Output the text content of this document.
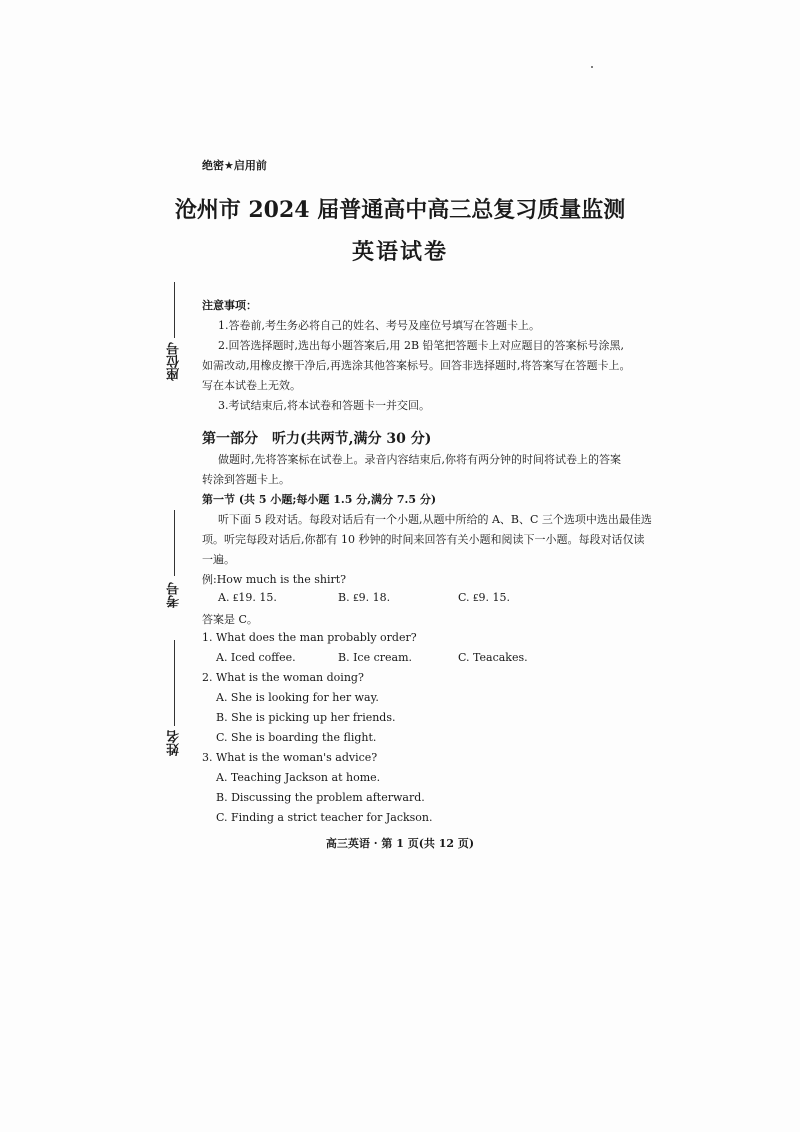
座位号
考号
姓名
绝密★启用前
沧州市 2024 届普通高中高三总复习质量监测
英语试卷
注意事项：
1.答卷前,考生务必将自己的姓名、考号及座位号填写在答题卡上。
2.回答选择题时,选出每小题答案后,用 2B 铅笔把答题卡上对应题目的答案标号涂黑,
如需改动,用橡皮擦干净后,再选涂其他答案标号。回答非选择题时,将答案写在答题卡上。
写在本试卷上无效。
3.考试结束后,将本试卷和答题卡一并交回。
第一部分　听力(共两节,满分 30 分)
做题时,先将答案标在试卷上。录音内容结束后,你将有两分钟的时间将试卷上的答案
转涂到答题卡上。
第一节 (共 5 小题;每小题 1.5 分,满分 7.5 分)
听下面 5 段对话。每段对话后有一个小题,从题中所给的 A、B、C 三个选项中选出最佳选
项。听完每段对话后,你都有 10 秒钟的时间来回答有关小题和阅读下一小题。每段对话仅读
一遍。
例:How much is the shirt?
A. ₤19. 15.	B. ₤9. 18.	C. ₤9. 15.
答案是 C。
1. What does the man probably order?
A. Iced coffee.	B. Ice cream.	C. Teacakes.
2. What is the woman doing?
A. She is looking for her way.
B. She is picking up her friends.
C. She is boarding the flight.
3. What is the woman's advice?
A. Teaching Jackson at home.
B. Discussing the problem afterward.
C. Finding a strict teacher for Jackson.
高三英语 · 第 1 页(共 12 页)
